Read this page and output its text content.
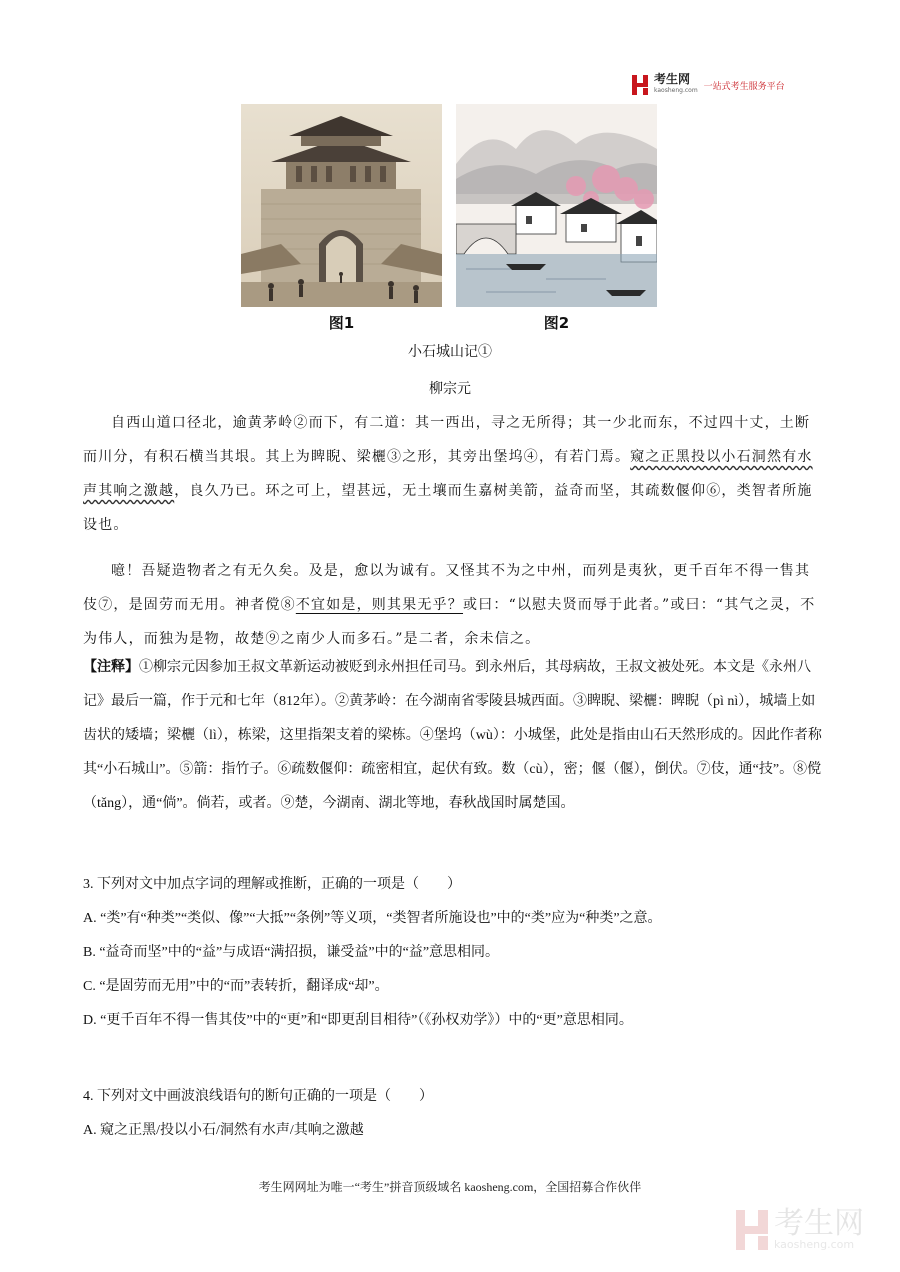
考生网
kaosheng.com 一站式考生服务平台
图1	图2
小石城山记①
柳宗元

自西山道口径北，逾黄茅岭②而下，有二道：其一西出，寻之无所得；其一少北而东，不过四十丈，土断而川分，有积石横当其垠。其上为睥睨、梁欐③之形，其旁出堡坞④，有若门焉。窥之正黑投以小石洞然有水声其响之激越，良久乃已。环之可上，望甚远，无土壤而生嘉树美箭，益奇而坚，其疏数偃仰⑥，类智者所施设也。

噫！吾疑造物者之有无久矣。及是，愈以为诚有。又怪其不为之中州，而列是夷狄，更千百年不得一售其伎⑦，是固劳而无用。神者傥⑧不宜如是，则其果无乎？或曰：“以慰夫贤而辱于此者。”或曰：“其气之灵，不为伟人，而独为是物，故楚⑨之南少人而多石。”是二者，余未信之。

【注释】①柳宗元因参加王叔文革新运动被贬到永州担任司马。到永州后，其母病故，王叔文被处死。本文是《永州八记》最后一篇，作于元和七年（812年）。②黄茅岭：在今湖南省零陵县城西面。③睥睨、梁欐：睥睨（pì nì），城墙上如齿状的矮墙；梁欐（lì），栋梁，这里指架支着的梁栋。④堡坞（wù）：小城堡，此处是指由山石天然形成的。因此作者称其“小石城山”。⑤箭：指竹子。⑥疏数偃仰：疏密相宜，起伏有致。数（cù），密；偃（偃），倒伏。⑦伎，通“技”。⑧傥（tǎng），通“倘”。倘若，或者。⑨楚，今湖南、湖北等地，春秋战国时属楚国。

3. 下列对文中加点字词的理解或推断，正确的一项是（　　）

A. “类”有“种类”“类似、像”“大抵”“条例”等义项，“类智者所施设也”中的“类”应为“种类”之意。

B. “益奇而坚”中的“益”与成语“满招损，谦受益”中的“益”意思相同。

C. “是固劳而无用”中的“而”表转折，翻译成“却”。

D. “更千百年不得一售其伎”中的“更”和“即更刮目相待”（《孙权劝学》）中的“更”意思相同。

4. 下列对文中画波浪线语句的断句正确的一项是（　　）

A. 窥之正黑/投以小石/洞然有水声/其响之激越

考生网网址为唯一“考生”拼音顶级域名 kaosheng.com，全国招募合作伙伴
考生网
kaosheng.com
